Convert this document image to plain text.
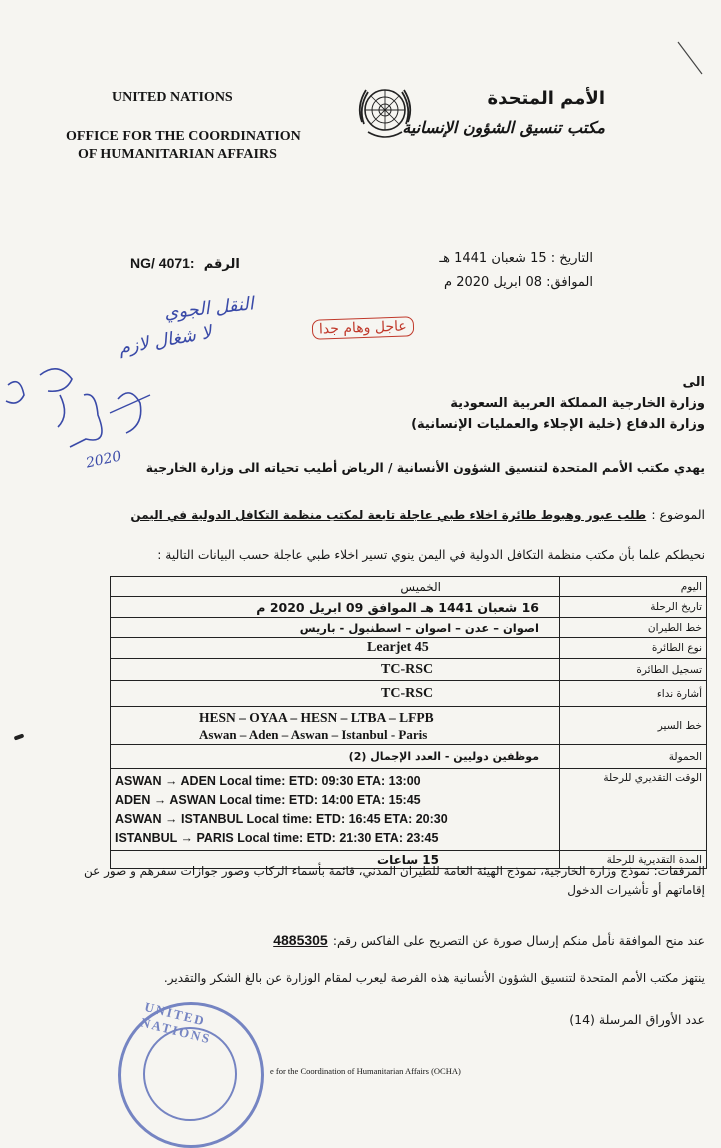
UNITED NATIONS
OFFICE FOR THE COORDINATION
OF HUMANITARIAN AFFAIRS
الأمم المتحدة
مكتب تنسيق الشؤون الإنسانية
NG/ 4071: الرقم	التاريخ : 15 شعبان 1441 هـ
الموافق: 08 ابريل 2020 م
النقل الجوي
لا شغال لازم	عاجل وهام جدا
2020
الى
وزارة الخارجية المملكة العربية السعودية
وزارة الدفاع (خلية الإجلاء والعمليات الإنسانية)
يهدي مكتب الأمم المتحدة لتنسيق الشؤون الأنسانية / الرياض أطيب تحياته الى وزارة الخارجية
الموضوع : طلب عبور وهبوط طائرة اخلاء طبي عاجلة تابعة لمكتب منظمة التكافل الدولية في اليمن
نحيطكم علما بأن مكتب منظمة التكافل الدولية في اليمن ينوي تسير اخلاء طبي عاجلة حسب البيانات التالية :
الخميس	اليوم
16 شعبان 1441 هـ الموافق 09 ابريل 2020 م	تاريخ الرحلة
اصوان – عدن – اصوان – اسطنبول - باريس	خط الطيران
Learjet 45	نوع الطائرة
TC-RSC	تسجيل الطائرة
TC-RSC	أشارة نداء

HESN – OYAA – HESN – LTBA – LFPB
Aswan – Aden – Aswan – Istanbul - Paris	خط السير
موظفين دوليين - العدد الإجمال (2)	الحمولة

ASWAN → ADEN Local time: ETD: 09:30 ETA: 13:00
ADEN → ASWAN Local time: ETD: 14:00 ETA: 15:45
ASWAN → ISTANBUL Local time: ETD: 16:45 ETA: 20:30
ISTANBUL → PARIS Local time: ETD: 21:30 ETA: 23:45	الوقت التقديري للرحلة
15 ساعات	المدة التقديرية للرحلة
المرفقات: نموذج وزارة الخارجية، نموذج الهيئة العامة للطيران المدني، قائمة بأسماء الركاب وصور جوازات سفرهم و صور عن إقاماتهم أو تأشيرات الدخول
عند منح الموافقة نأمل منكم إرسال صورة عن التصريح على الفاكس رقم: 4885305
ينتهز مكتب الأمم المتحدة لتنسيق الشؤون الأنسانية هذه الفرصة ليعرب لمقام الوزارة عن بالغ الشكر والتقدير.
عدد الأوراق المرسلة (14)
UNITED NATIONS
e for the Coordination of Humanitarian Affairs (OCHA)
